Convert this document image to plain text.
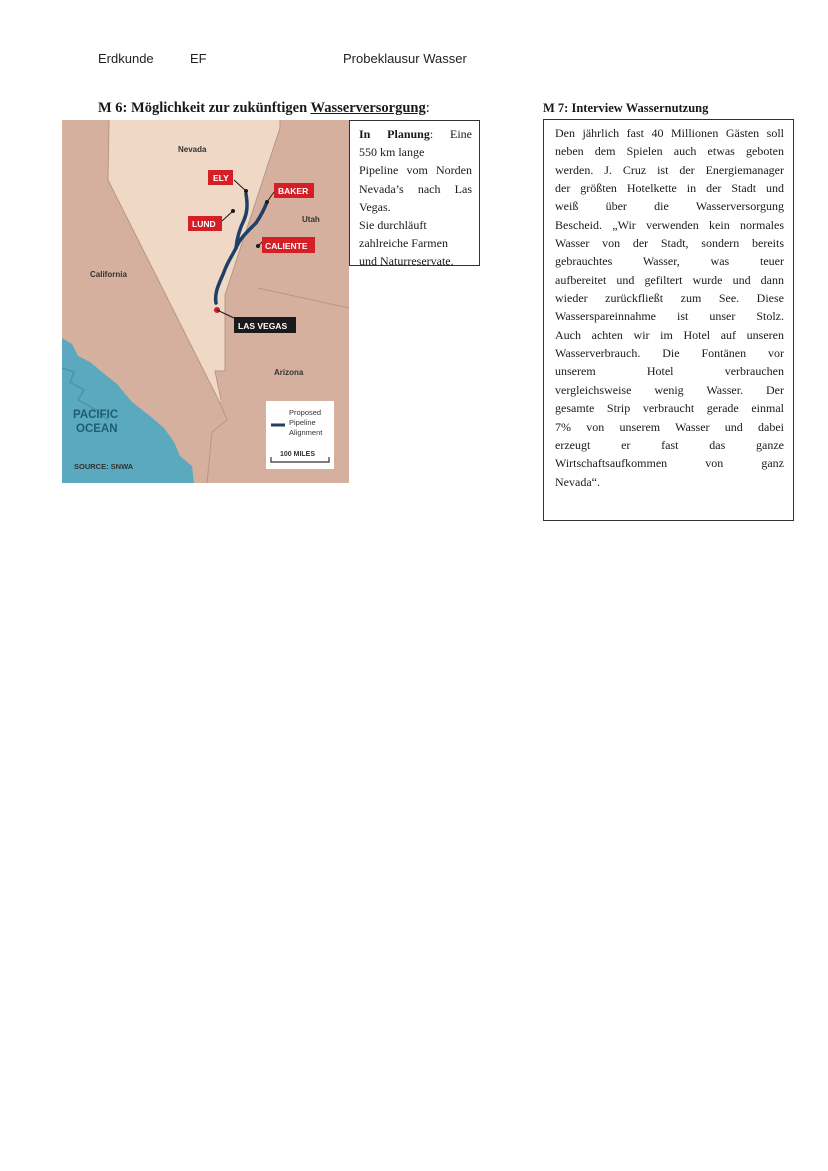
Erdkunde	EF	Probeklausur Wasser
M 6: Möglichkeit zur zukünftigen Wasserversorgung:	M 7: Interview Wassernutzung
Nevada
Utah
California
Arizona
PACIFIC
OCEAN
SOURCE: SNWA
ELY
BAKER
LUND
CALIENTE
LAS VEGAS
Proposed
Pipeline
Alignment
100 MILES
In Planung: Eine
550 km lange
Pipeline vom Norden
Nevada’s nach Las
Vegas.
Sie durchläuft
zahlreiche Farmen
und Naturreservate.
Den jährlich fast 40 Millionen Gästen soll
neben dem Spielen auch etwas geboten
werden. J. Cruz ist der Energiemanager
der größten Hotelkette in der Stadt und
weiß über die Wasserversorgung
Bescheid. „Wir verwenden kein normales
Wasser von der Stadt, sondern bereits
gebrauchtes Wasser, was teuer
aufbereitet und gefiltert wurde und dann
wieder zurückfließt zum See. Diese
Wasserspareinnahme ist unser Stolz.
Auch achten wir im Hotel auf unseren
Wasserverbrauch. Die Fontänen vor
unserem Hotel verbrauchen
vergleichsweise wenig Wasser. Der
gesamte Strip verbraucht gerade einmal
7% von unserem Wasser und dabei
erzeugt er fast das ganze
Wirtschaftsaufkommen von ganz
Nevada“.
